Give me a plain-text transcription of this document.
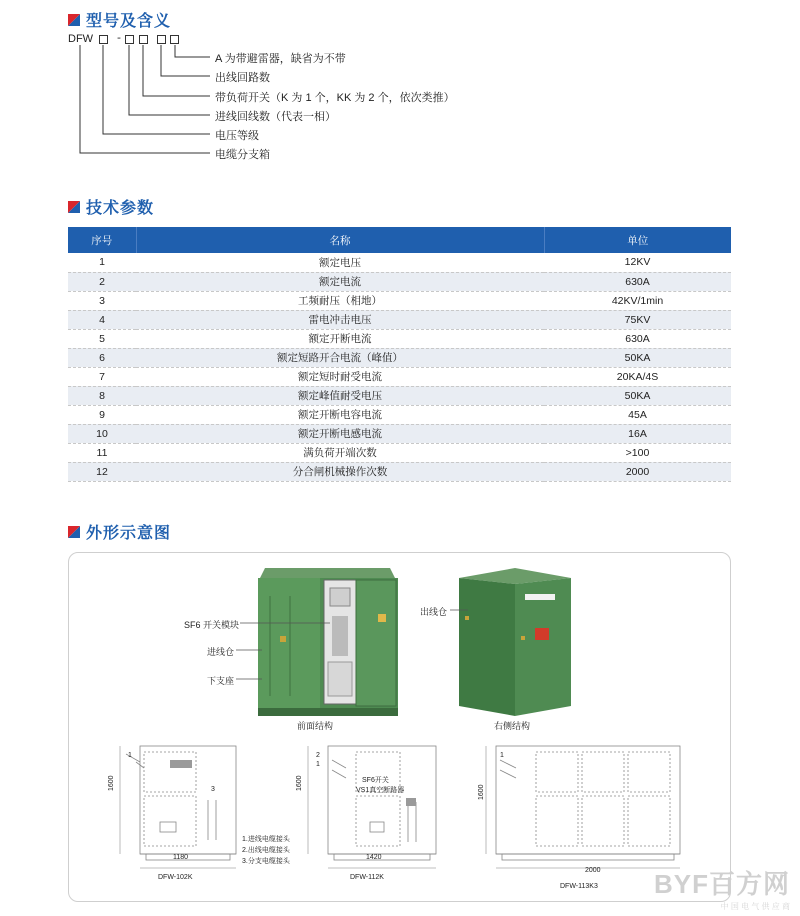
型号及含义
DFW -
A 为带避雷器，缺省为不带
出线回路数
带负荷开关（K 为 1 个，KK 为 2 个，依次类推）
进线回线数（代表一相）
电压等级
电缆分支箱
技术参数
序号	名称	单位
1	额定电压	12KV
2	额定电流	630A
3	工频耐压（相地）	42KV/1min
4	雷电冲击电压	75KV
5	额定开断电流	630A
6	额定短路开合电流（峰值）	50KA
7	额定短时耐受电流	20KA/4S
8	额定峰值耐受电压	50KA
9	额定开断电容电流	45A
10	额定开断电感电流	16A
11	满负荷开端次数	>100
12	分合闸机械操作次数	2000
外形示意图
SF6 开关模块
进线仓
下支座
出线仓
前面结构	右侧结构
1
3
1600
1180
DFW-102K
1.进线电缆接头
2.出线电缆接头
3.分支电缆接头
2
1
1600
1420
DFW-112K
SF6开关
VS1真空断路器
1
1600
2000
DFW-113K3 BYF百方网
中 国 电 气 供 应 商
